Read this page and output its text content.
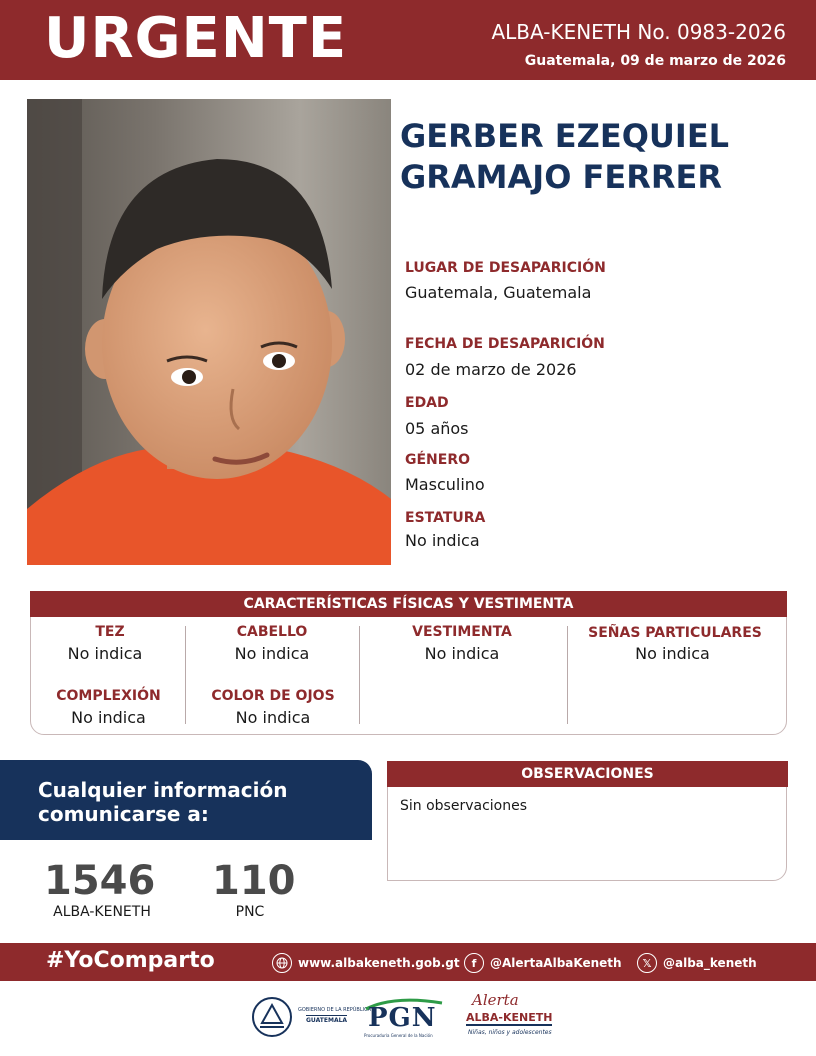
URGENTE	ALBA-KENETH No. 0983-2026
Guatemala, 09 de marzo de 2026
GERBER EZEQUIEL
GRAMAJO FERRER
LUGAR DE DESAPARICIÓN
Guatemala, Guatemala
FECHA DE DESAPARICIÓN
02 de marzo de 2026
EDAD
05 años
GÉNERO
Masculino
ESTATURA
No indica
CARACTERÍSTICAS FÍSICAS Y VESTIMENTA
TEZ
No indica
CABELLO
No indica
VESTIMENTA
No indica
SEÑAS PARTICULARES
No indica
COMPLEXIÓN
No indica
COLOR DE OJOS
No indica
Cualquier información
comunicarse a:
1546
ALBA-KENETH
110
PNC
OBSERVACIONES
Sin observaciones
#YoComparto	www.albakeneth.gob.gt	f	@AlertaAlbaKeneth	𝕏 @alba_keneth
GOBIERNO DE LA REPÚBLICA
GUATEMALA PGN
Procuraduría General de la Nación
Alerta
ALBA-KENETH
Niñas, niños y adolescentes
